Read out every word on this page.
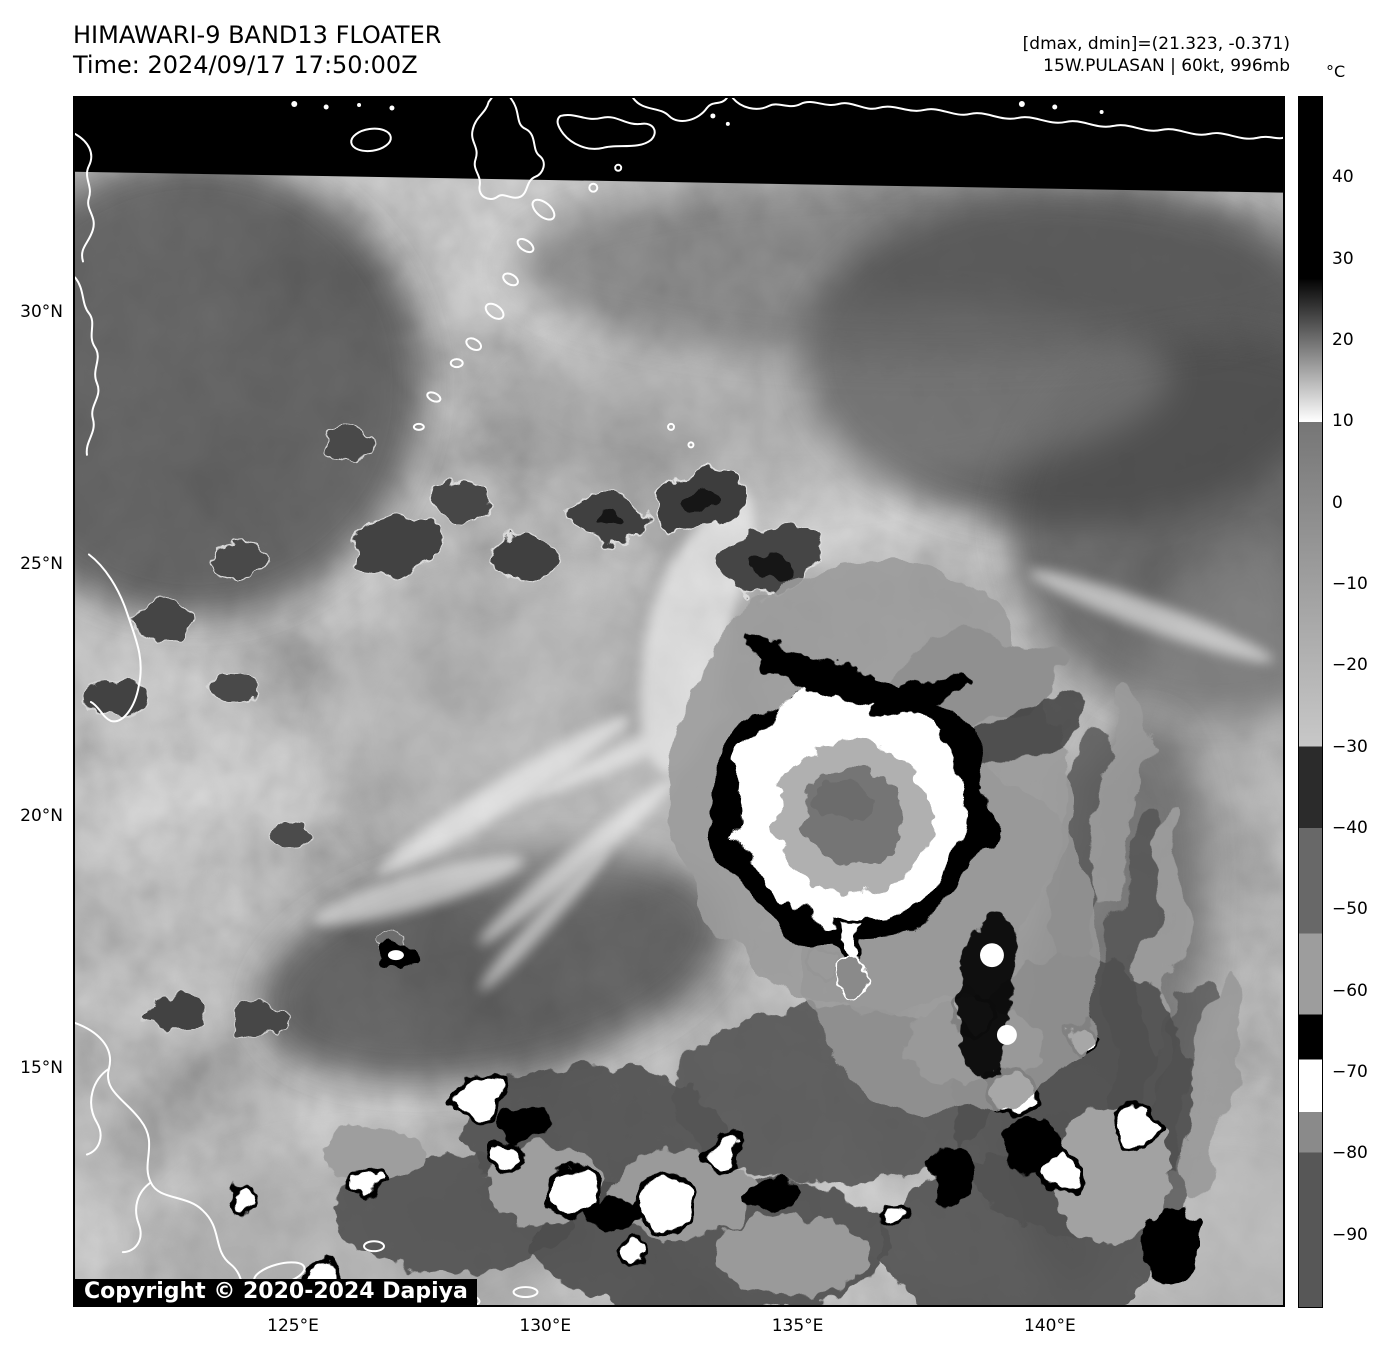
HIMAWARI-9 BAND13 FLOATER
Time: 2024/09/17 17:50:00Z
[dmax, dmin]=(21.323, -0.371)
15W.PULASAN | 60kt, 996mb °C
Copyright © 2020-2024 Dapiya
30°N
25°N
20°N
15°N
125°E	130°E	135°E	140°E
40
30
20
10
0
−10
−20
−30
−40
−50
−60
−70
−80
−90
